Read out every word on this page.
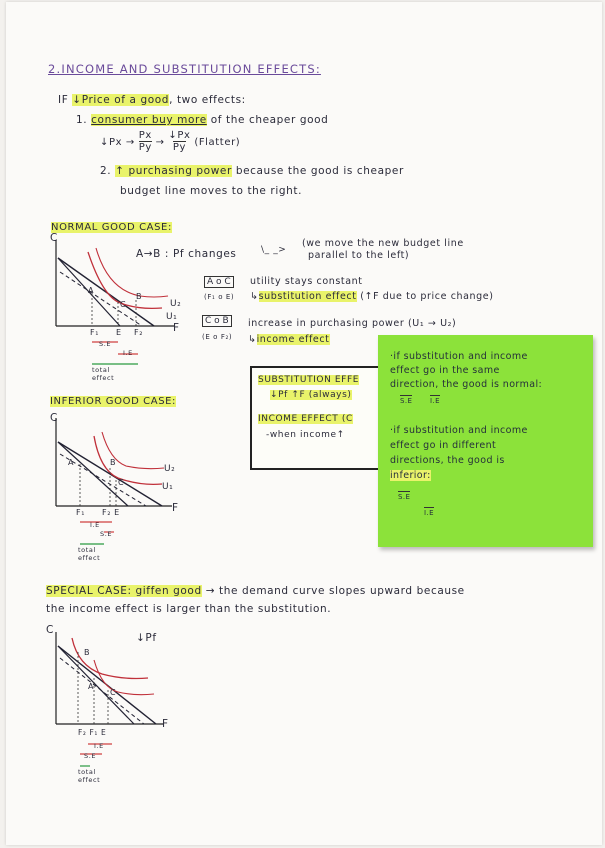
2.INCOME AND SUBSTITUTION EFFECTS:
IF ↓Price of a good, two effects:
1. consumer buy more of the cheaper good
↓Px → $\frac{Px}{Py} \to \frac{↓Px}{Py}$ (Flatter)
2. ↑ purchasing power because the good is cheaper
budget line moves to the right.
NORMAL GOOD CASE:
C
F
U₂
U₁
A
B
C
F₁ E F₂
S.E
I.E
total effect
A→B : Pf changes	\_ _>
(we move the new budget line
parallel to the left)
A o C
(F₁ o E)
utility stays constant
↳substitution effect (↑F due to price change)
C o B
(E o F₂)
increase in purchasing power (U₁ → U₂)
↳income effect
SUBSTITUTION EFFE
↓Pf ↑F (always)
INCOME EFFECT (C
-when income↑
INFERIOR GOOD CASE:
C
F
U₂
U₁
A	B
C
F₁ F₂ E
I.E
S.E
total effect
·if substitution and income
effect go in the same
direction, the good is normal:
S.E	I.E
·if substitution and income
effect go in different
directions, the good is
inferior:
S.E
I.E
SPECIAL CASE: giffen good → the demand curve slopes upward because
the income effect is larger than the substitution.
↓Pf
C
F
B
A
C
F₂ F₁ E
I.E
S.E
total effect
